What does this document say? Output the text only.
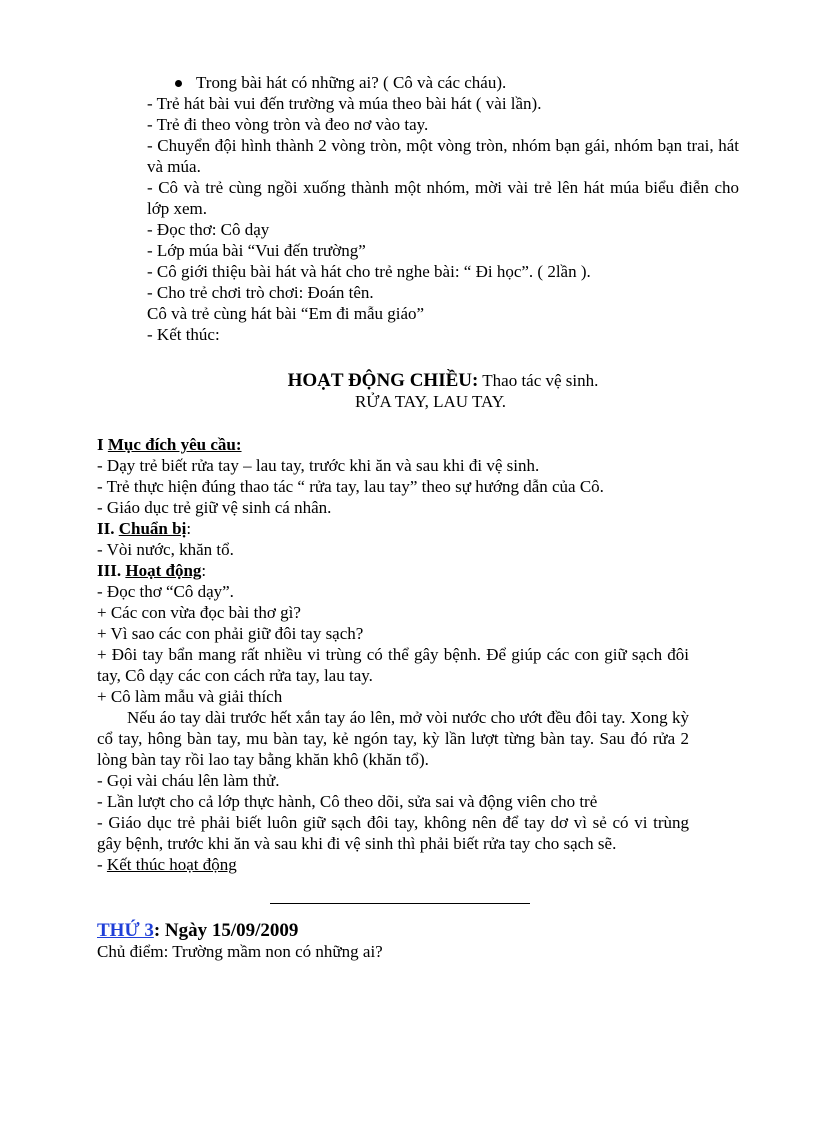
Trong bài hát có những ai? ( Cô và các cháu).

- Trẻ hát bài vui đến trường và múa theo bài hát ( vài lần).

- Trẻ đi theo vòng tròn và đeo nơ vào tay.

- Chuyển đội hình thành 2 vòng tròn, một vòng tròn, nhóm bạn gái, nhóm bạn trai, hát và múa.

- Cô và trẻ cùng ngồi xuống thành một nhóm, mời vài trẻ lên hát múa biểu điễn cho lớp xem.

- Đọc thơ: Cô dạy

- Lớp múa bài “Vui đến trường”

- Cô giới thiệu bài hát và hát cho trẻ nghe bài: “ Đi học”. ( 2lần ).

- Cho trẻ chơi trò chơi: Đoán tên.

Cô và trẻ cùng hát bài “Em đi mẫu giáo”

- Kết thúc:

HOẠT ĐỘNG CHIỀU: Thao tác vệ sinh.
RỬA TAY, LAU TAY.

I Mục đích yêu cầu:

- Dạy trẻ biết rửa tay – lau tay, trước khi ăn và sau khi đi vệ sinh.

- Trẻ thực hiện đúng thao tác “ rửa tay, lau tay” theo sự hướng dẫn của Cô.

- Giáo dục trẻ giữ vệ sinh cá nhân.

II. Chuẩn bị:

- Vòi nước, khăn tổ.

III. Hoạt động:

- Đọc thơ “Cô dạy”.

+ Các con vừa đọc bài thơ gì?

+ Vì sao các con phải giữ đôi tay sạch?

+ Đôi tay bẩn mang rất nhiều vi trùng có thể gây bệnh. Để giúp các con giữ sạch đôi tay, Cô dạy các con cách rửa tay, lau tay.

+ Cô làm mẫu và giải thích

Nếu áo tay dài trước hết xắn tay áo lên, mở vòi nước cho ướt đều đôi tay. Xong kỳ cổ tay, hông bàn tay, mu bàn tay, kẻ ngón tay, kỳ lần lượt từng bàn tay. Sau đó rửa 2 lòng bàn tay rồi lao tay bằng khăn khô (khăn tổ).

- Gọi vài cháu lên làm thử.

- Lần lượt cho cả lớp thực hành, Cô theo dõi, sửa sai và động viên cho trẻ

- Giáo dục trẻ phải biết luôn giữ sạch đôi tay, không nên để tay dơ vì sẻ có vi trùng gây bệnh, trước khi ăn và sau khi đi vệ sinh thì phải biết rửa tay cho sạch sẽ.

- Kết thúc hoạt động

THỨ 3: Ngày 15/09/2009

Chủ điểm: Trường mầm non có những ai?
